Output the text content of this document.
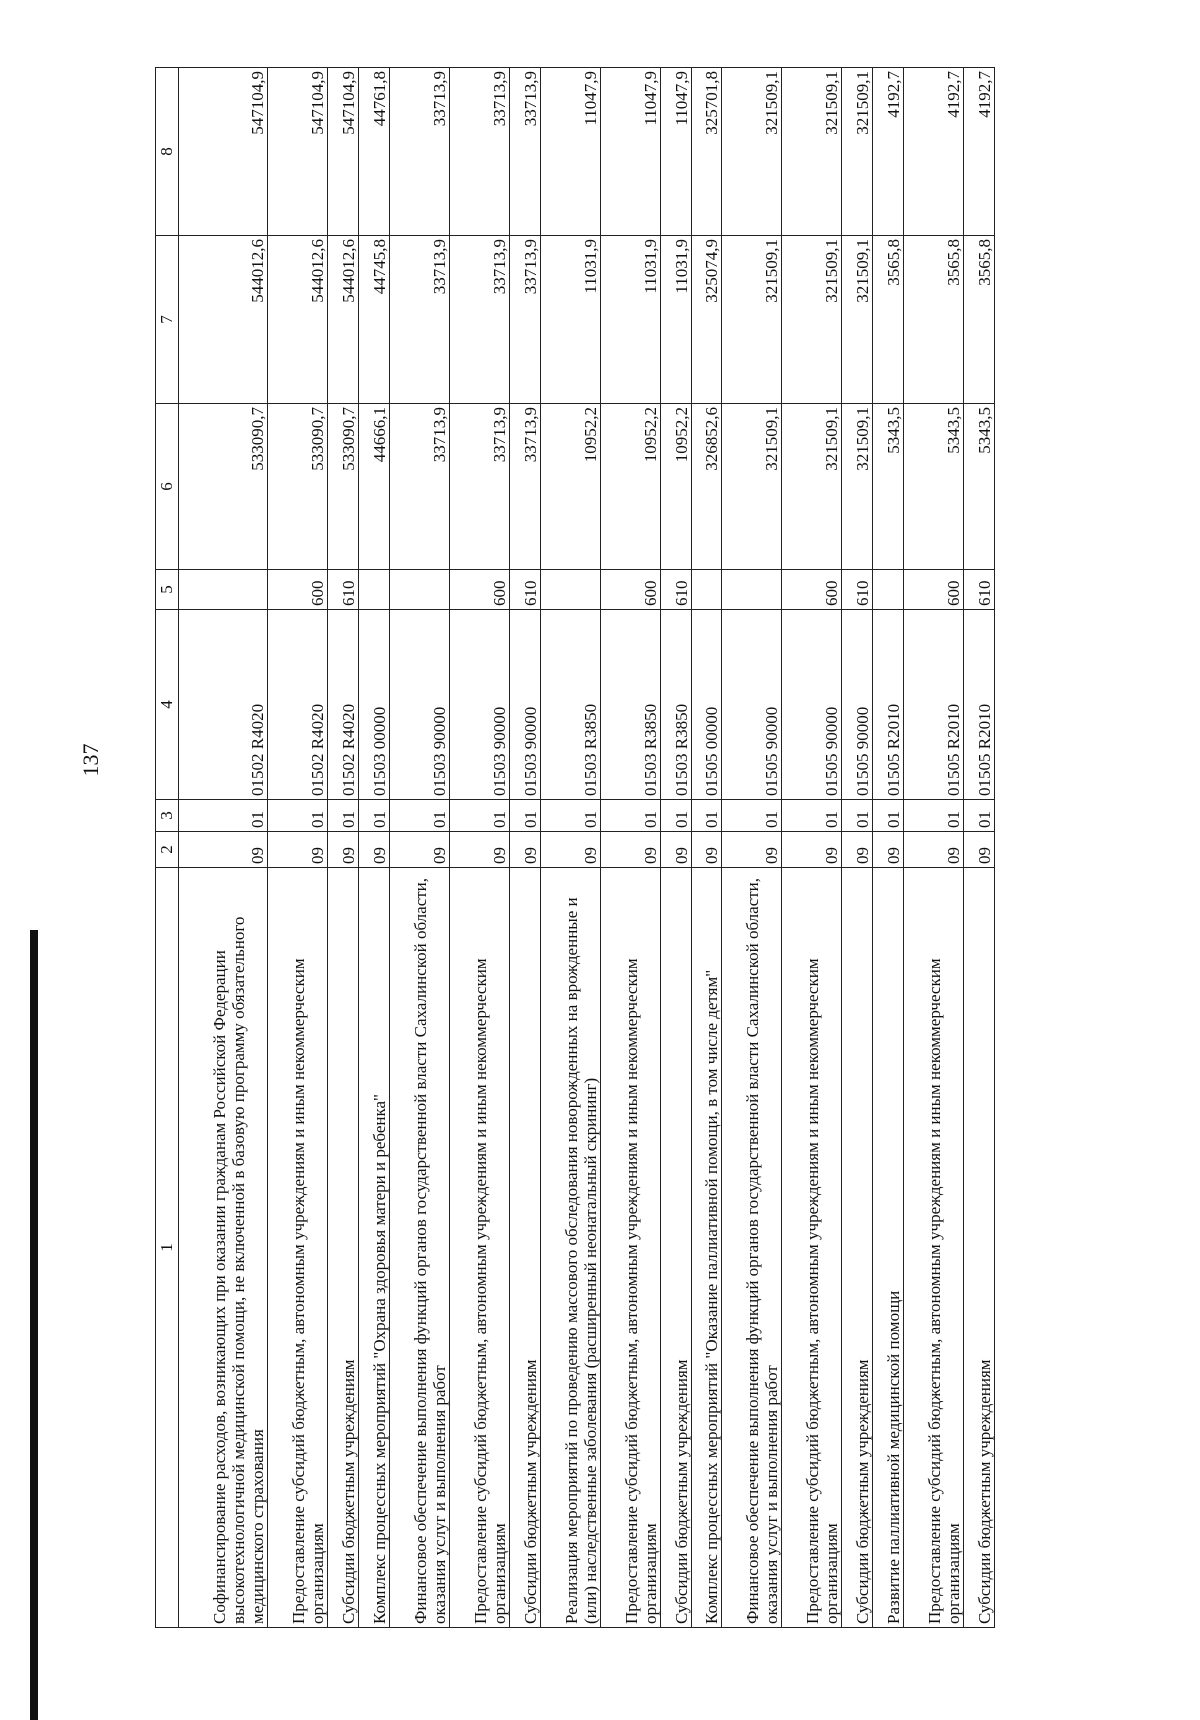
137
1	2	3	4	5	6	7	8
Софинансирование расходов, возникающих при оказании гражданам Российской Федерации высокотехнологичной медицинской помощи, не включенной в базовую программу обязательного медицинского страхования	09	01	01502 R4020		533090,7	544012,6	547104,9
Предоставление субсидий бюджетным, автономным учреждениям и иным некоммерческим организациям	09	01	01502 R4020	600	533090,7	544012,6	547104,9
Субсидии бюджетным учреждениям	09	01	01502 R4020	610	533090,7	544012,6	547104,9
Комплекс процессных мероприятий "Охрана здоровья матери и ребенка"	09	01	01503 00000		44666,1	44745,8	44761,8
Финансовое обеспечение выполнения функций органов государственной власти Сахалинской области, оказания услуг и выполнения работ	09	01	01503 90000		33713,9	33713,9	33713,9
Предоставление субсидий бюджетным, автономным учреждениям и иным некоммерческим организациям	09	01	01503 90000	600	33713,9	33713,9	33713,9
Субсидии бюджетным учреждениям	09	01	01503 90000	610	33713,9	33713,9	33713,9
Реализация мероприятий по проведению массового обследования новорожденных на врожденные и (или) наследственные заболевания (расширенный неонатальный скрининг)	09	01	01503 R3850		10952,2	11031,9	11047,9
Предоставление субсидий бюджетным, автономным учреждениям и иным некоммерческим организациям	09	01	01503 R3850	600	10952,2	11031,9	11047,9
Субсидии бюджетным учреждениям	09	01	01503 R3850	610	10952,2	11031,9	11047,9
Комплекс процессных мероприятий "Оказание паллиативной помощи, в том числе детям"	09	01	01505 00000		326852,6	325074,9	325701,8
Финансовое обеспечение выполнения функций органов государственной власти Сахалинской области, оказания услуг и выполнения работ	09	01	01505 90000		321509,1	321509,1	321509,1
Предоставление субсидий бюджетным, автономным учреждениям и иным некоммерческим организациям	09	01	01505 90000	600	321509,1	321509,1	321509,1
Субсидии бюджетным учреждениям	09	01	01505 90000	610	321509,1	321509,1	321509,1
Развитие паллиативной медицинской помощи	09	01	01505 R2010		5343,5	3565,8	4192,7
Предоставление субсидий бюджетным, автономным учреждениям и иным некоммерческим организациям	09	01	01505 R2010	600	5343,5	3565,8	4192,7
Субсидии бюджетным учреждениям	09	01	01505 R2010	610	5343,5	3565,8	4192,7
